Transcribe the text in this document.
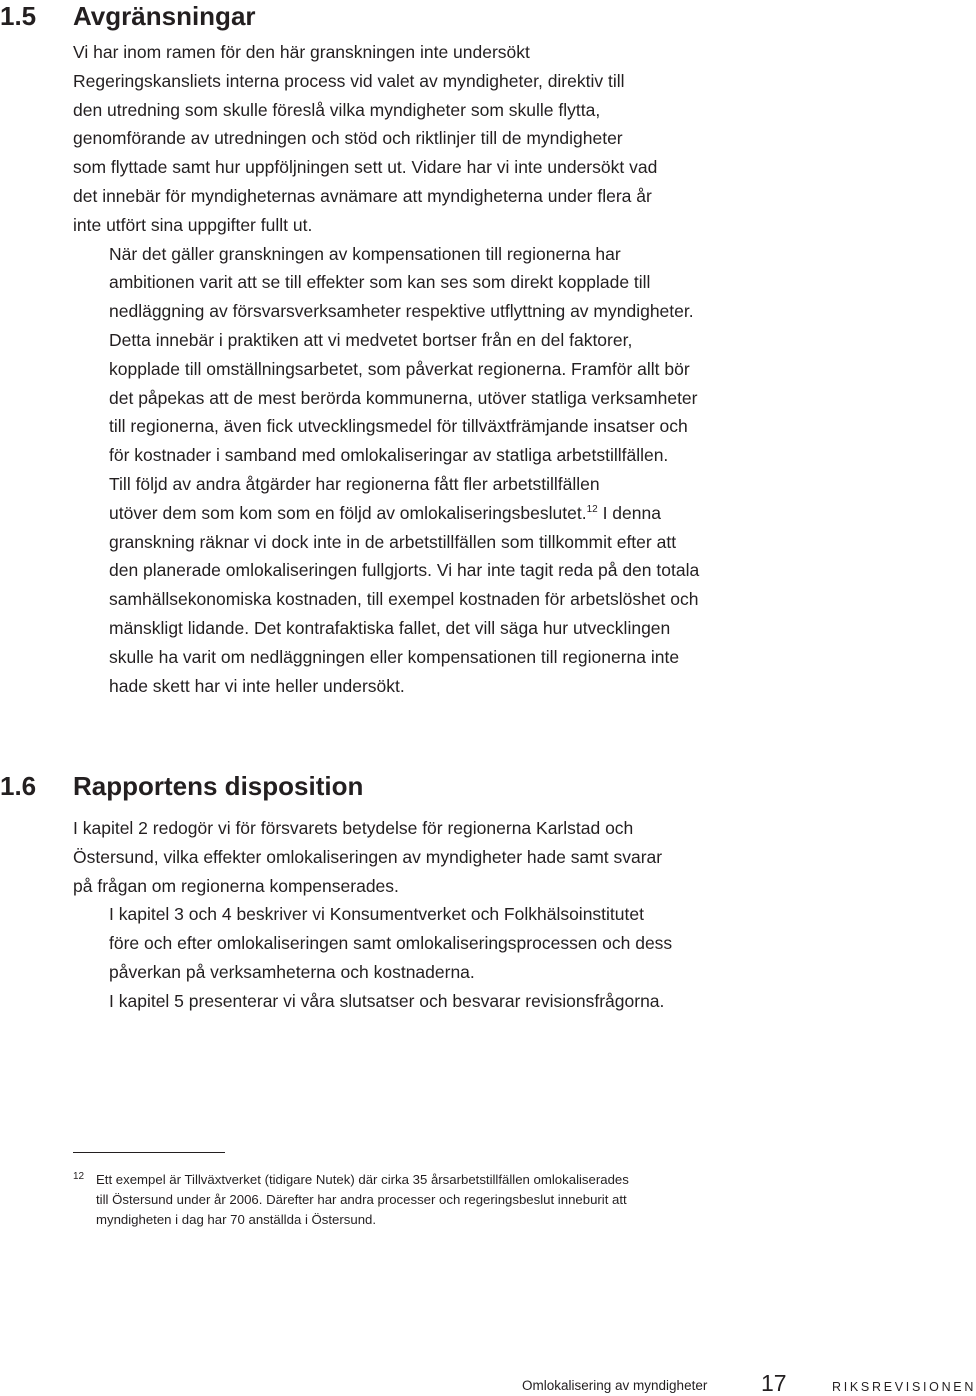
1.5 Avgränsningar

Vi har inom ramen för den här granskningen inte undersökt
Regeringskansliets interna process vid valet av myndigheter, direktiv till
den utredning som skulle föreslå vilka myndigheter som skulle flytta,
genomförande av utredningen och stöd och riktlinjer till de myndigheter
som flyttade samt hur uppföljningen sett ut. Vidare har vi inte undersökt vad
det innebär för myndigheternas avnämare att myndigheterna under flera år
inte utfört sina uppgifter fullt ut.

När det gäller granskningen av kompensationen till regionerna har
ambitionen varit att se till effekter som kan ses som direkt kopplade till
nedläggning av försvarsverksamheter respektive utflyttning av myndigheter.
Detta innebär i praktiken att vi medvetet bortser från en del faktorer,
kopplade till omställningsarbetet, som påverkat regionerna. Framför allt bör
det påpekas att de mest berörda kommunerna, utöver statliga verksamheter
till regionerna, även fick utvecklingsmedel för tillväxtfrämjande insatser och
för kostnader i samband med omlokaliseringar av statliga arbetstillfällen.

Till följd av andra åtgärder har regionerna fått fler arbetstillfällen
utöver dem som kom som en följd av omlokaliseringsbeslutet.$^{12}$ I denna
granskning räknar vi dock inte in de arbetstillfällen som tillkommit efter att
den planerade omlokaliseringen fullgjorts. Vi har inte tagit reda på den totala
samhällsekonomiska kostnaden, till exempel kostnaden för arbetslöshet och
mänskligt lidande. Det kontrafaktiska fallet, det vill säga hur utvecklingen
skulle ha varit om nedläggningen eller kompensationen till regionerna inte
hade skett har vi inte heller undersökt.

1.6 Rapportens disposition

I kapitel 2 redogör vi för försvarets betydelse för regionerna Karlstad och
Östersund, vilka effekter omlokaliseringen av myndigheter hade samt svarar
på frågan om regionerna kompenserades.

I kapitel 3 och 4 beskriver vi Konsumentverket och Folkhälsoinstitutet
före och efter omlokaliseringen samt omlokaliseringsprocessen och dess
påverkan på verksamheterna och kostnaderna.

I kapitel 5 presenterar vi våra slutsatser och besvarar revisionsfrågorna.

12 Ett exempel är Tillväxtverket (tidigare Nutek) där cirka 35 årsarbetstillfällen omlokaliserades
till Östersund under år 2006. Därefter har andra processer och regeringsbeslut inneburit att
myndigheten i dag har 70 anställda i Östersund.
Omlokalisering av myndigheter 17	RIKSREVISIONEN
